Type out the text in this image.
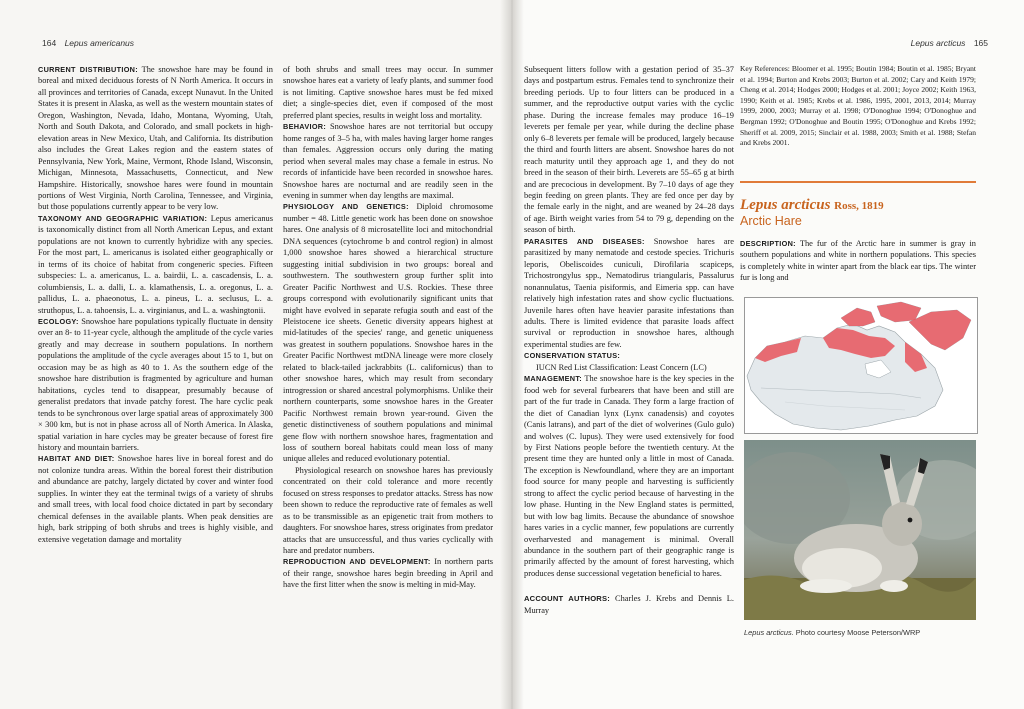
164 Lepus americanus

CURRENT DISTRIBUTION: The snowshoe hare may be found in boreal and mixed deciduous forests of N North America. It occurs in all provinces and territories of Canada, except Nunavut. In the United States it is present in Alaska, as well as the western mountain states of Oregon, Washington, Nevada, Idaho, Montana, Wyoming, Utah, North and South Dakota, and Colorado, and small pockets in high-elevation areas in New Mexico, Utah, and California. Its distribution also includes the Great Lakes region and the eastern states of Pennsylvania, New York, Maine, Vermont, Rhode Island, Wisconsin, Michigan, Minnesota, Massachusetts, Connecticut, and New Hampshire. Historically, snowshoe hares were found in mountain portions of West Virginia, North Carolina, Tennessee, and Virginia, but those populations currently appear to be very low.

TAXONOMY AND GEOGRAPHIC VARIATION: Lepus americanus is taxonomically distinct from all North American Lepus, and extant populations are not known to currently hybridize with any species. For the most part, L. americanus is isolated either geographically or in terms of its choice of habitat from congeneric species. Fifteen subspecies: L. a. americanus, L. a. bairdii, L. a. cascadensis, L. a. columbiensis, L. a. dalli, L. a. klamathensis, L. a. oregonus, L. a. pallidus, L. a. phaeonotus, L. a. pineus, L. a. seclusus, L. a. struthopus, L. a. tahoensis, L. a. virginianus, and L. a. washingtonii.

ECOLOGY: Snowshoe hare populations typically fluctuate in density over an 8- to 11-year cycle, although the amplitude of the cycle varies greatly and may decrease in southern populations. In northern populations the amplitude of the cycle averages about 15 to 1, but on occasion may be as high as 40 to 1. As the southern edge of the snowshoe hare distribution is fragmented by agriculture and human habitations, cycles tend to disappear, presumably because of generalist predators that invade patchy forest. The hare cyclic peak tends to be synchronous over large spatial areas of approximately 300 × 300 km, but is not in phase across all of North America. In Alaska, spatial variation in hare cycles may be greater because of forest fire history and mountain barriers.

HABITAT AND DIET: Snowshoe hares live in boreal forest and do not colonize tundra areas. Within the boreal forest their distribution and abundance are patchy, largely dictated by cover and winter food supplies. In winter they eat the terminal twigs of a variety of shrubs and small trees, with local food choice dictated in part by secondary chemical defenses in the available plants. When peak densities are high, bark stripping of both shrubs and trees is highly visible, and extensive vegetation damage and mortality

of both shrubs and small trees may occur. In summer snowshoe hares eat a variety of leafy plants, and summer food is not limiting. Captive snowshoe hares must be fed mixed diet; a single-species diet, even if composed of the most preferred plant species, results in weight loss and mortality.

BEHAVIOR: Snowshoe hares are not territorial but occupy home ranges of 3–5 ha, with males having larger home ranges than females. Aggression occurs only during the mating period when several males may chase a female in estrus. No records of infanticide have been recorded in snowshoe hares. Snowshoe hares are nocturnal and are readily seen in the evening in summer when day lengths are maximal.

PHYSIOLOGY AND GENETICS: Diploid chromosome number = 48. Little genetic work has been done on snowshoe hares. One analysis of 8 microsatellite loci and mitochondrial DNA sequences (cytochrome b and control region) in almost 1,000 snowshoe hares showed a hierarchical structure suggesting initial subdivision in two groups: boreal and southwestern. The southwestern group further split into Greater Pacific Northwest and U.S. Rockies. These three groups correspond with evolutionarily significant units that might have evolved in separate refugia south and east of the Pleistocene ice sheets. Genetic diversity appears highest at mid-latitudes of the species' range, and genetic uniqueness was greatest in southern populations. Snowshoe hares in the Greater Pacific Northwest mtDNA lineage were more closely related to black-tailed jackrabbits (L. californicus) than to other snowshoe hares, which may result from secondary introgression or shared ancestral polymorphisms. Unlike their northern counterparts, some snowshoe hares in the Greater Pacific Northwest remain brown year-round. Given the genetic distinctiveness of southern populations and minimal gene flow with northern snowshoe hares, fragmentation and loss of southern boreal habitats could mean loss of many unique alleles and reduced evolutionary potential.

Physiological research on snowshoe hares has previously concentrated on their cold tolerance and more recently focused on stress responses to predator attacks. Stress has now been shown to reduce the reproductive rate of females as well as to be transmissible as an epigenetic trait from mothers to daughters. For snowshoe hares, stress originates from predator attacks that are unsuccessful, and thus varies cyclically with hare and predator numbers.

REPRODUCTION AND DEVELOPMENT: In northern parts of their range, snowshoe hares begin breeding in April and have the first litter when the snow is melting in mid-May.

Lepus arcticus 165

Subsequent litters follow with a gestation period of 35–37 days and postpartum estrus. Females tend to synchronize their breeding periods. Up to four litters can be produced in a summer, and the reproductive output varies with the cyclic phase. During the increase females may produce 16–19 leverets per female per year, while during the decline phase only 6–8 leverets per female will be produced, largely because the third and fourth litters are absent. Snowshoe hares do not reach maturity until they approach age 1, and they do not breed in the season of their birth. Leverets are 55–65 g at birth and are precocious in development. By 7–10 days of age they begin feeding on green plants. They are fed once per day by the female early in the night, and are weaned by 24–28 days of age. Birth weight varies from 54 to 79 g, depending on the season of birth.

PARASITES AND DISEASES: Snowshoe hares are parasitized by many nematode and cestode species. Trichuris leporis, Obeliscoides cuniculi, Dirofilaria scapiceps, Trichostrongylus spp., Nematodirus triangularis, Passalurus nonannulatus, Taenia pisiformis, and Eimeria spp. can have relatively high infestation rates and show cyclic fluctuations. Juvenile hares often have heavier parasite infestations than adults. There is limited evidence that parasite loads affect survival or reproduction in snowshoe hares, although experimental studies are few.

CONSERVATION STATUS:

IUCN Red List Classification: Least Concern (LC)

MANAGEMENT: The snowshoe hare is the key species in the food web for several furbearers that have been and still are part of the fur trade in Canada. They form a large fraction of the diet of Canadian lynx (Lynx canadensis) and coyotes (Canis latrans), and part of the diet of wolverines (Gulo gulo) and wolves (C. lupus). They were used extensively for food by First Nations people before the twentieth century. At the present time they are hunted only a little in most of Canada. The exception is Newfoundland, where they are an important food source for many people and harvesting is sufficiently strong to affect the cyclic period because of harvesting in the low phase. Hunting in the New England states is permitted, but with low bag limits. Because the abundance of snowshoe hares varies in a cyclic manner, few populations are currently overharvested and management is minimal. Overall abundance in the southern part of their geographic range is primarily affected by the amount of forest harvesting, which produces dense successional vegetation beneficial to hares.

ACCOUNT AUTHORS: Charles J. Krebs and Dennis L. Murray

Key References: Bloomer et al. 1995; Boutin 1984; Boutin et al. 1985; Bryant et al. 1994; Burton and Krebs 2003; Burton et al. 2002; Cary and Keith 1979; Cheng et al. 2014; Hodges 2000; Hodges et al. 2001; Joyce 2002; Keith 1963, 1990; Keith et al. 1985; Krebs et al. 1986, 1995, 2001, 2013, 2014; Murray 1999, 2000, 2003; Murray et al. 1998; O'Donoghue 1994; O'Donoghue and Bergman 1992; O'Donoghue and Boutin 1995; O'Donoghue and Krebs 1992; Sheriff et al. 2009, 2015; Sinclair et al. 1988, 2003; Smith et al. 1988; Stefan and Krebs 2001.

Lepus arcticus Ross, 1819
Arctic Hare

DESCRIPTION: The fur of the Arctic hare in summer is gray in southern populations and white in northern populations. This species is completely white in winter apart from the black ear tips. The winter fur is long and

Lepus arcticus. Photo courtesy Moose Peterson/WRP
